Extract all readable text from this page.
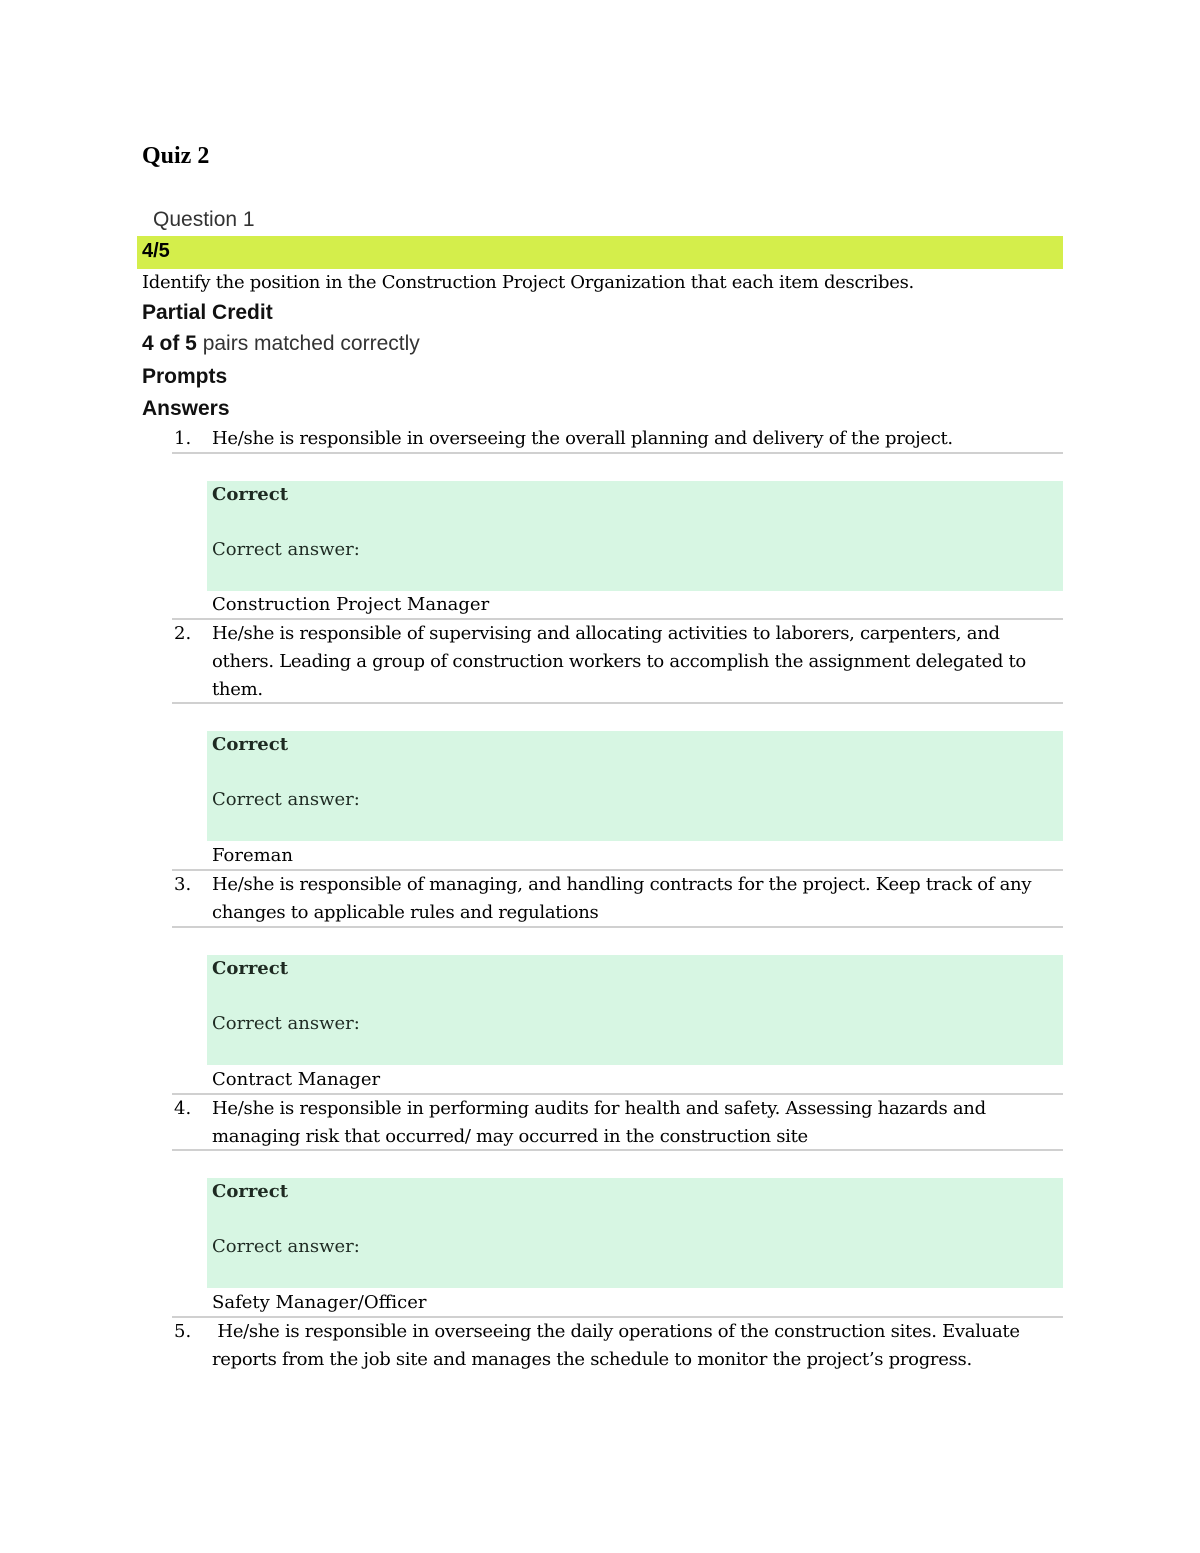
Quiz 2
Question 1
4/5
Identify the position in the Construction Project Organization that each item describes.
Partial Credit
4 of 5 pairs matched correctly
Prompts
Answers
1. He/she is responsible in overseeing the overall planning and delivery of the project.
Correct
Correct answer:
Construction Project Manager
2. He/she is responsible of supervising and allocating activities to laborers, carpenters, and others. Leading a group of construction workers to accomplish the assignment delegated to them.
Correct
Correct answer:
Foreman
3. He/she is responsible of managing, and handling contracts for the project. Keep track of any changes to applicable rules and regulations
Correct
Correct answer:
Contract Manager
4. He/she is responsible in performing audits for health and safety. Assessing hazards and managing risk that occurred/ may occurred in the construction site
Correct
Correct answer:
Safety Manager/Officer
5. He/she is responsible in overseeing the daily operations of the construction sites. Evaluate reports from the job site and manages the schedule to monitor the project’s progress.
